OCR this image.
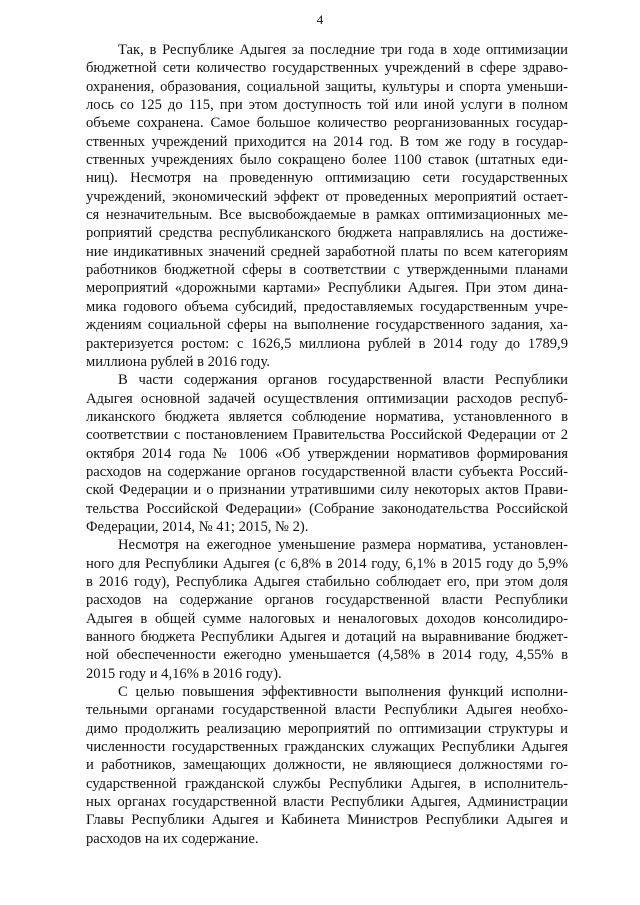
4

Так, в Республике Адыгея за последние три года в ходе оптимизации
бюджетной сети количество государственных учреждений в сфере здраво-
охранения, образования, социальной защиты, культуры и спорта уменьши-
лось со 125 до 115, при этом доступность той или иной услуги в полном
объеме сохранена. Самое большое количество реорганизованных государ-
ственных учреждений приходится на 2014 год. В том же году в государ-
ственных учреждениях было сокращено более 1100 ставок (штатных еди-
ниц). Несмотря на проведенную оптимизацию сети государственных
учреждений, экономический эффект от проведенных мероприятий остает-
ся незначительным. Все высвобождаемые в рамках оптимизационных ме-
роприятий средства республиканского бюджета направлялись на достиже-
ние индикативных значений средней заработной платы по всем категориям
работников бюджетной сферы в соответствии с утвержденными планами
мероприятий «дорожными картами» Республики Адыгея. При этом дина-
мика годового объема субсидий, предоставляемых государственным учре-
ждениям социальной сферы на выполнение государственного задания, ха-
рактеризуется ростом: с 1626,5 миллиона рублей в 2014 году до 1789,9
миллиона рублей в 2016 году.

В части содержания органов государственной власти Республики
Адыгея основной задачей осуществления оптимизации расходов респуб-
ликанского бюджета является соблюдение норматива, установленного в
соответствии с постановлением Правительства Российской Федерации от 2
октября 2014 года № 1006 «Об утверждении нормативов формирования
расходов на содержание органов государственной власти субъекта Россий-
ской Федерации и о признании утратившими силу некоторых актов Прави-
тельства Российской Федерации» (Собрание законодательства Российской
Федерации, 2014, № 41; 2015, № 2).

Несмотря на ежегодное уменьшение размера норматива, установлен-
ного для Республики Адыгея (с 6,8% в 2014 году, 6,1% в 2015 году до 5,9%
в 2016 году), Республика Адыгея стабильно соблюдает его, при этом доля
расходов на содержание органов государственной власти Республики
Адыгея в общей сумме налоговых и неналоговых доходов консолидиро-
ванного бюджета Республики Адыгея и дотаций на выравнивание бюджет-
ной обеспеченности ежегодно уменьшается (4,58% в 2014 году, 4,55% в
2015 году и 4,16% в 2016 году).

С целью повышения эффективности выполнения функций исполни-
тельными органами государственной власти Республики Адыгея необхо-
димо продолжить реализацию мероприятий по оптимизации структуры и
численности государственных гражданских служащих Республики Адыгея
и работников, замещающих должности, не являющиеся должностями го-
сударственной гражданской службы Республики Адыгея, в исполнитель-
ных органах государственной власти Республики Адыгея, Администрации
Главы Республики Адыгея и Кабинета Министров Республики Адыгея и
расходов на их содержание.
